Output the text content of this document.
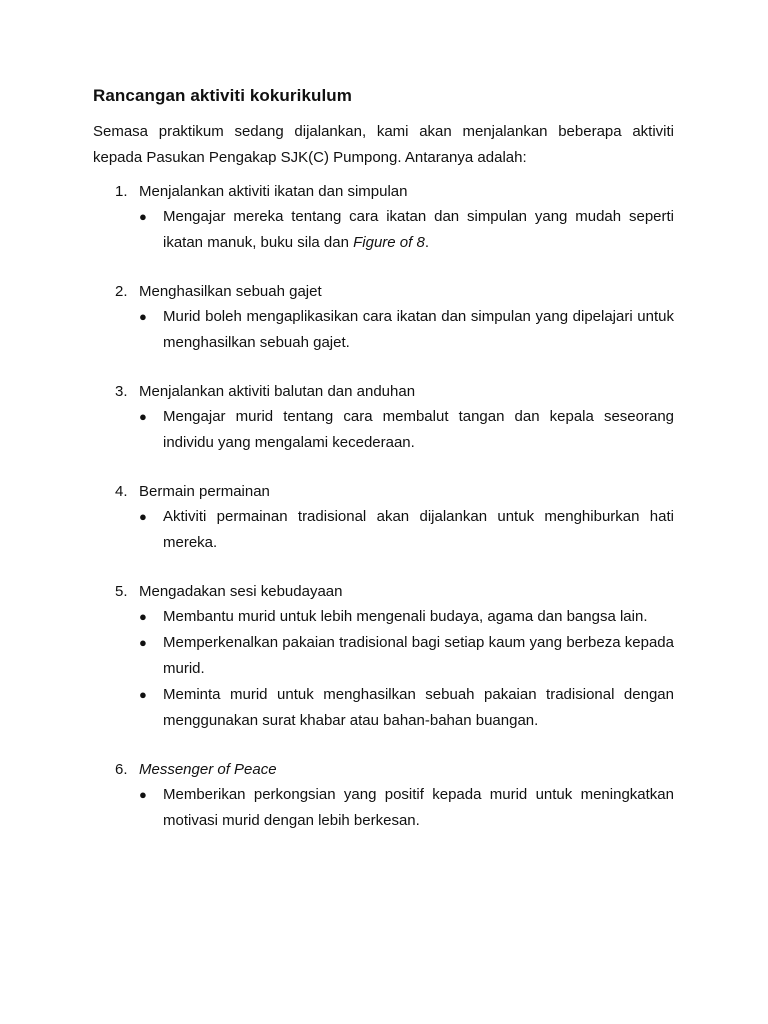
Rancangan aktiviti kokurikulum
Semasa praktikum sedang dijalankan, kami akan menjalankan beberapa aktiviti kepada Pasukan Pengakap SJK(C) Pumpong. Antaranya adalah:
1. Menjalankan aktiviti ikatan dan simpulan
● Mengajar mereka tentang cara ikatan dan simpulan yang mudah seperti ikatan manuk, buku sila dan Figure of 8.
2. Menghasilkan sebuah gajet
● Murid boleh mengaplikasikan cara ikatan dan simpulan yang dipelajari untuk menghasilkan sebuah gajet.
3. Menjalankan aktiviti balutan dan anduhan
● Mengajar murid tentang cara membalut tangan dan kepala seseorang individu yang mengalami kecederaan.
4. Bermain permainan
● Aktiviti permainan tradisional akan dijalankan untuk menghiburkan hati mereka.
5. Mengadakan sesi kebudayaan
● Membantu murid untuk lebih mengenali budaya, agama dan bangsa lain.
● Memperkenalkan pakaian tradisional bagi setiap kaum yang berbeza kepada murid.
● Meminta murid untuk menghasilkan sebuah pakaian tradisional dengan menggunakan surat khabar atau bahan-bahan buangan.
6. Messenger of Peace
● Memberikan perkongsian yang positif kepada murid untuk meningkatkan motivasi murid dengan lebih berkesan.
